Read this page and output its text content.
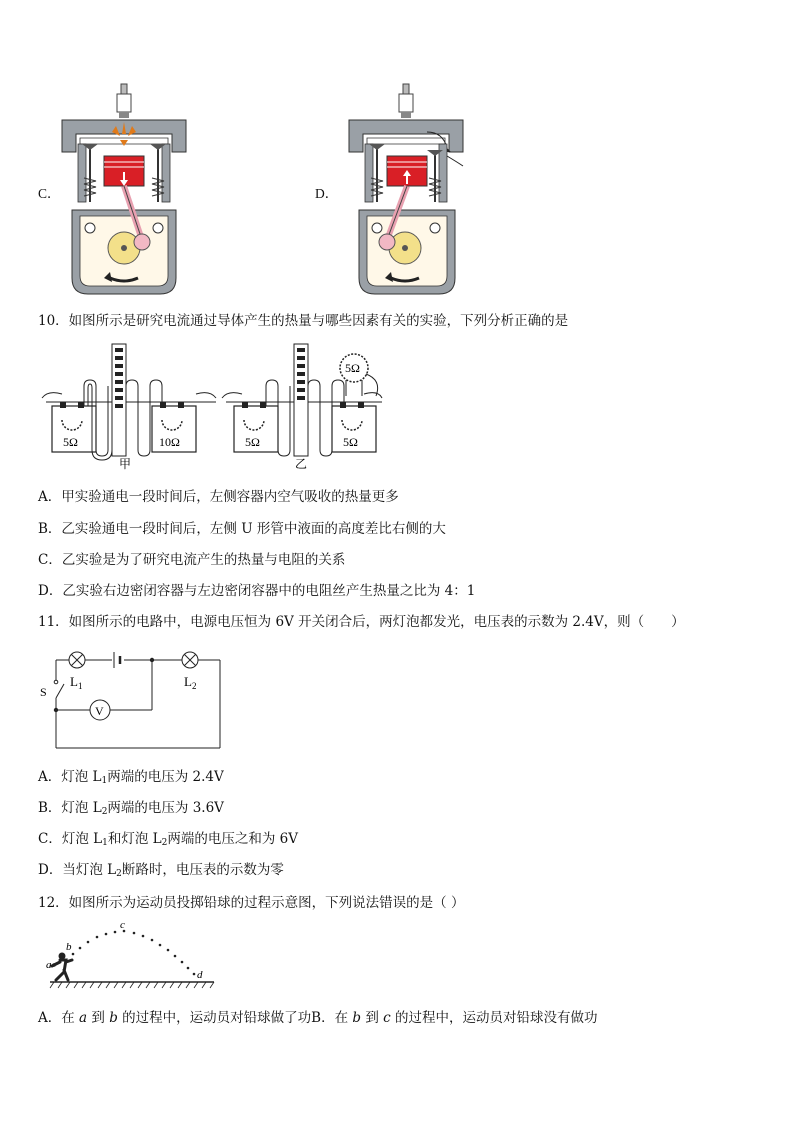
C．	D．
10．如图所示是研究电流通过导体产生的热量与哪些因素有关的实验，下列分析正确的是
5Ω	10Ω
甲
5Ω
5Ω	5Ω
乙
A．甲实验通电一段时间后，左侧容器内空气吸收的热量更多
B．乙实验通电一段时间后，左侧 U 形管中液面的高度差比右侧的大
C．乙实验是为了研究电流产生的热量与电阻的关系
D．乙实验右边密闭容器与左边密闭容器中的电阻丝产生热量之比为 4：1
11．如图所示的电路中，电源电压恒为 6V 开关闭合后，两灯泡都发光，电压表的示数为 2.4V，则（　　）
V
$L_1$	$L_2$
S
A．灯泡 $L_1$两端的电压为 2.4V
B．灯泡 $L_2$两端的电压为 3.6V
C．灯泡 $L_1$和灯泡 $L_2$两端的电压之和为 6V
D．当灯泡 $L_2$断路时，电压表的示数为零
12．如图所示为运动员投掷铅球的过程示意图，下列说法错误的是（ ）
a
b
c
d
A．在 a 到 b 的过程中，运动员对铅球做了功B．在 b 到 c 的过程中，运动员对铅球没有做功
